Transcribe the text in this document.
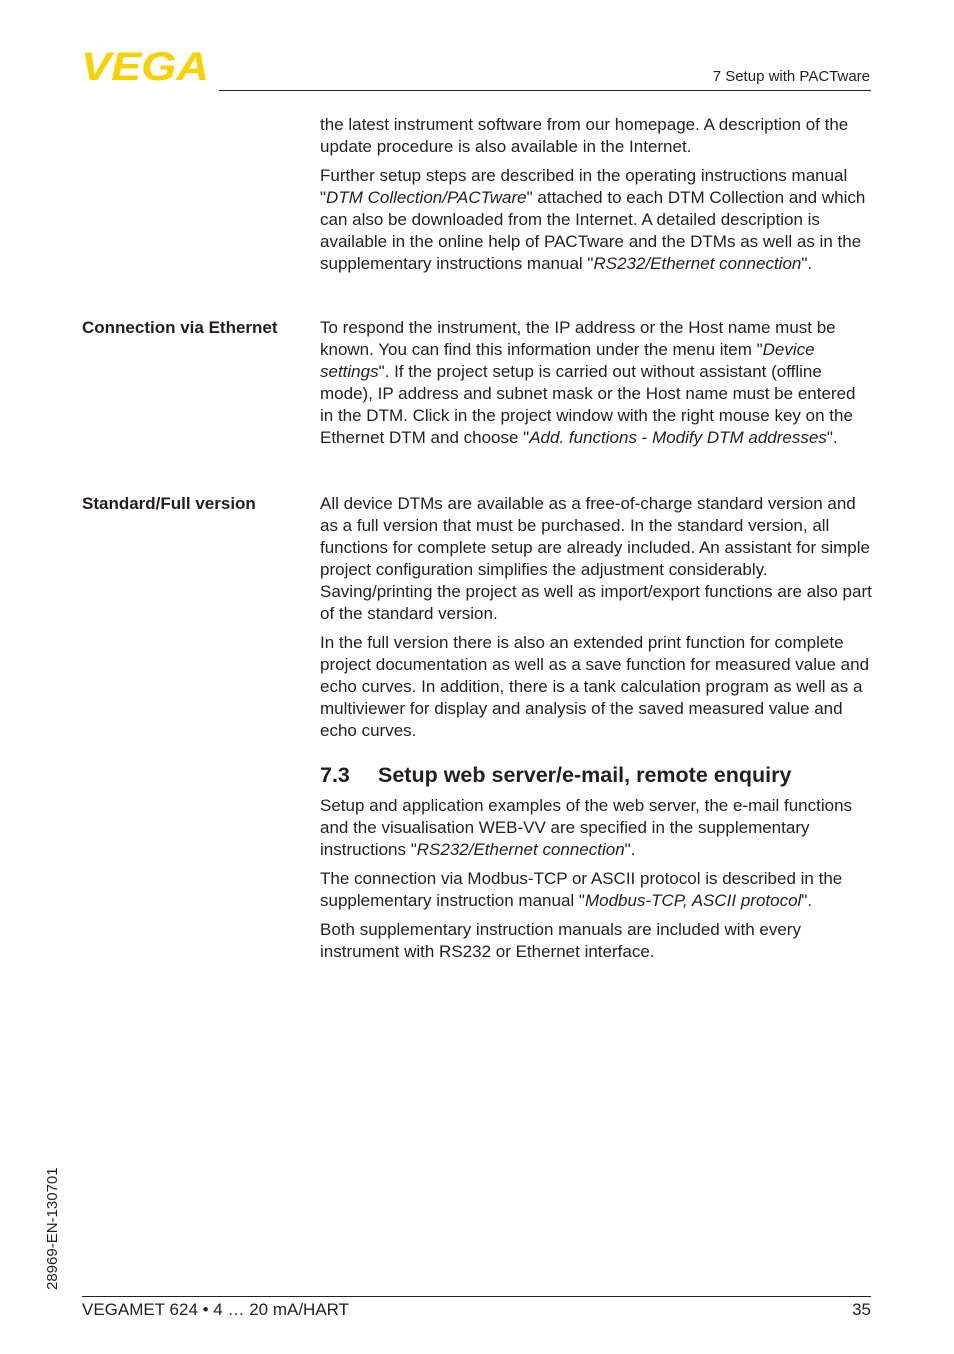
VEGA	7 Setup with PACTware

the latest instrument software from our homepage. A description of the update procedure is also available in the Internet.

Further setup steps are described in the operating instructions manual "DTM Collection/PACTware" attached to each DTM Collection and which can also be downloaded from the Internet. A detailed description is available in the online help of PACTware and the DTMs as well as in the supplementary instructions manual "RS232/Ethernet connection".

Connection via Ethernet To respond the instrument, the IP address or the Host name must be known. You can find this information under the menu item "Device settings". If the project setup is carried out without assistant (offline mode), IP address and subnet mask or the Host name must be entered in the DTM. Click in the project window with the right mouse key on the Ethernet DTM and choose "Add. functions - Modify DTM addresses".

Standard/Full version	All device DTMs are available as a free-of-charge standard version and as a full version that must be purchased. In the standard version, all functions for complete setup are already included. An assistant for simple project configuration simplifies the adjustment considerably. Saving/printing the project as well as import/export functions are also part of the standard version.

In the full version there is also an extended print function for complete project documentation as well as a save function for measured value and echo curves. In addition, there is a tank calculation program as well as a multiviewer for display and analysis of the saved measured value and echo curves.

7.3 Setup web server/e-mail, remote enquiry

Setup and application examples of the web server, the e-mail functions and the visualisation WEB-VV are specified in the supplementary instructions "RS232/Ethernet connection".

The connection via Modbus-TCP or ASCII protocol is described in the supplementary instruction manual "Modbus-TCP, ASCII protocol".

Both supplementary instruction manuals are included with every instrument with RS232 or Ethernet interface.

28969-EN-130701
VEGAMET 624 • 4 … 20 mA/HART	35
